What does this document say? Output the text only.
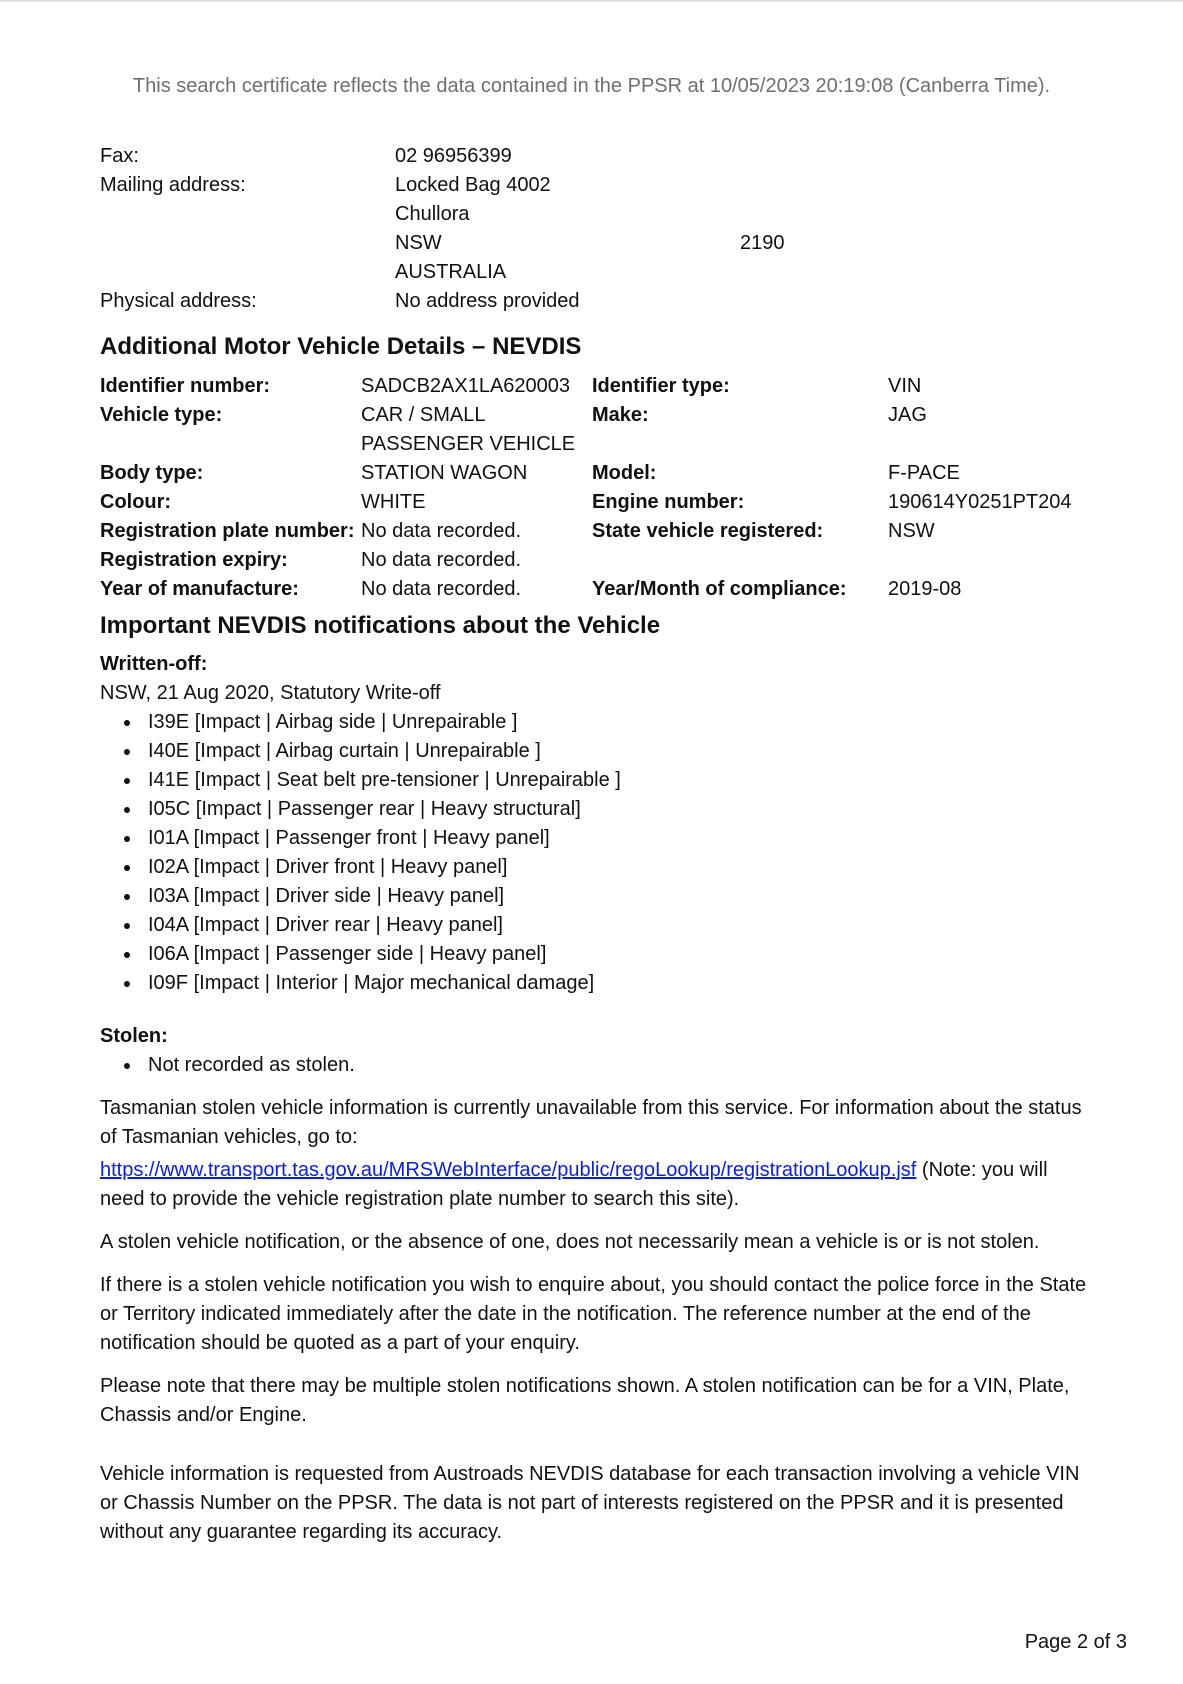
This search certificate reflects the data contained in the PPSR at 10/05/2023 20:19:08 (Canberra Time).
Fax:	02 96956399
Mailing address:	Locked Bag 4002
Chullora
NSW	2190
AUSTRALIA
Physical address:	No address provided
Additional Motor Vehicle Details – NEVDIS
Identifier number:	SADCB2AX1LA620003 Identifier type:	VIN
Vehicle type:	CAR / SMALL	Make:	JAG
PASSENGER VEHICLE
Body type:	STATION WAGON	Model:	F-PACE
Colour:	WHITE	Engine number:	190614Y0251PT204
Registration plate number: No data recorded.	State vehicle registered:	NSW
Registration expiry:	No data recorded.
Year of manufacture:	No data recorded.	Year/Month of compliance: 2019-08
Important NEVDIS notifications about the Vehicle
Written-off:
NSW, 21 Aug 2020, Statutory Write-off
I39E [Impact | Airbag side | Unrepairable ]
I40E [Impact | Airbag curtain | Unrepairable ]
I41E [Impact | Seat belt pre-tensioner | Unrepairable ]
I05C [Impact | Passenger rear | Heavy structural]
I01A [Impact | Passenger front | Heavy panel]
I02A [Impact | Driver front | Heavy panel]
I03A [Impact | Driver side | Heavy panel]
I04A [Impact | Driver rear | Heavy panel]
I06A [Impact | Passenger side | Heavy panel]
I09F [Impact | Interior | Major mechanical damage]
Stolen:
Not recorded as stolen.

Tasmanian stolen vehicle information is currently unavailable from this service. For information about the status of Tasmanian vehicles, go to:

https://www.transport.tas.gov.au/MRSWebInterface/public/regoLookup/registrationLookup.jsf (Note: you will need to provide the vehicle registration plate number to search this site).

A stolen vehicle notification, or the absence of one, does not necessarily mean a vehicle is or is not stolen.

If there is a stolen vehicle notification you wish to enquire about, you should contact the police force in the State or Territory indicated immediately after the date in the notification. The reference number at the end of the notification should be quoted as a part of your enquiry.

Please note that there may be multiple stolen notifications shown. A stolen notification can be for a VIN, Plate, Chassis and/or Engine.

Vehicle information is requested from Austroads NEVDIS database for each transaction involving a vehicle VIN or Chassis Number on the PPSR. The data is not part of interests registered on the PPSR and it is presented without any guarantee regarding its accuracy.

Page 2 of 3
